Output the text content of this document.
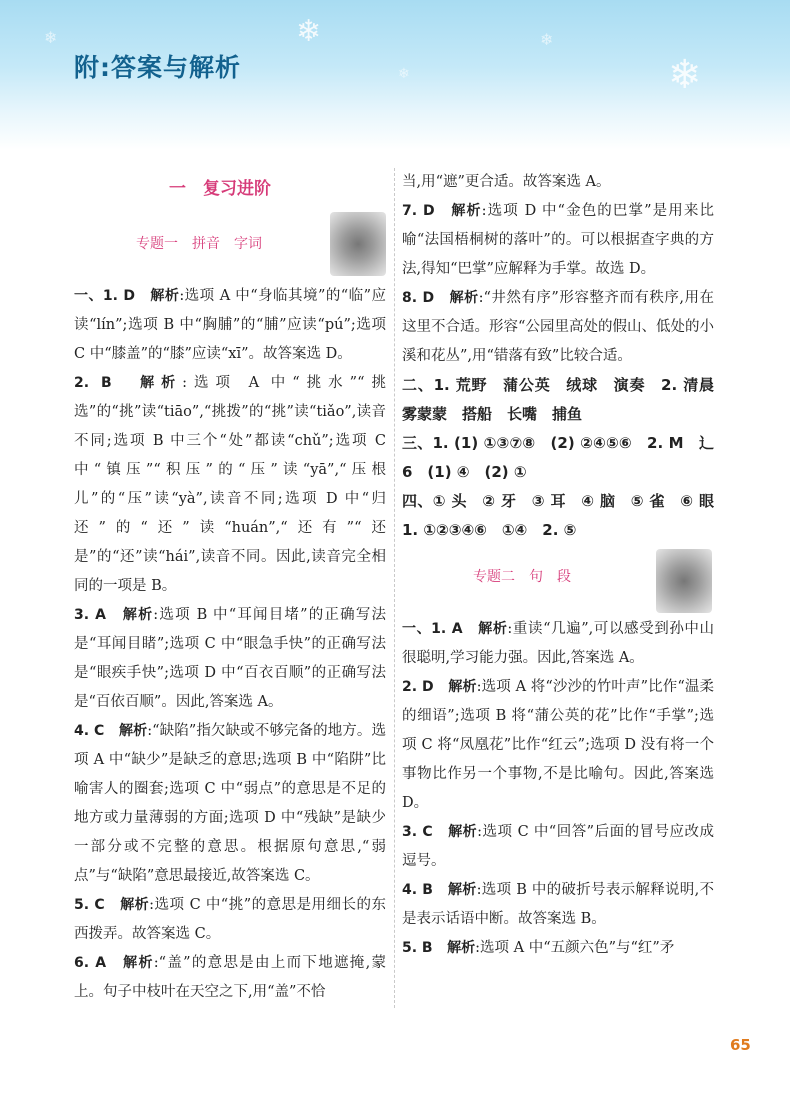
❄
❄
❄	❄
❄
附:答案与解析
一　复习进阶
专题一　拼音　字词
一、1. D　 解析:选项 A 中“身临其境”的“临”应读“lín”;选项 B 中“胸脯”的“脯”应读“pú”;选项 C 中“膝盖”的“膝”应读“xī”。故答案选 D。
2. B　 解析:选项 A 中“挑水”“挑选”的“挑”读“tiāo”,“挑拨”的“挑”读“tiǎo”,读音不同;选项 B 中三个“处”都读“chǔ”;选项 C 中“镇压”“积压”的“压”读“yā”,“压根儿”的“压”读“yà”,读音不同;选项 D 中“归还”的“还”读“huán”,“还有”“还是”的“还”读“hái”,读音不同。因此,读音完全相同的一项是 B。
3. A　 解析:选项 B 中“耳闻目堵”的正确写法是“耳闻目睹”;选项 C 中“眼急手快”的正确写法是“眼疾手快”;选项 D 中“百衣百顺”的正确写法是“百依百顺”。因此,答案选 A。
4. C　 解析:“缺陷”指欠缺或不够完备的地方。选项 A 中“缺少”是缺乏的意思;选项 B 中“陷阱”比喻害人的圈套;选项 C 中“弱点”的意思是不足的地方或力量薄弱的方面;选项 D 中“残缺”是缺少一部分或不完整的意思。根据原句意思,“弱点”与“缺陷”意思最接近,故答案选 C。
5. C　 解析:选项 C 中“挑”的意思是用细长的东西拨弄。故答案选 C。
6. A　 解析:“盖”的意思是由上而下地遮掩,蒙上。句子中枝叶在天空之下,用“盖”不恰
当,用“遮”更合适。故答案选 A。
7. D　 解析:选项 D 中“金色的巴掌”是用来比喻“法国梧桐树的落叶”的。可以根据查字典的方法,得知“巴掌”应解释为手掌。故选 D。
8. D　 解析:“井然有序”形容整齐而有秩序,用在这里不合适。形容“公园里高处的假山、低处的小溪和花丛”,用“错落有致”比较合适。
二、1. 荒野　蒲公英　绒球　演奏　2. 清晨　雾蒙蒙　搭船　长嘴　捕鱼
三、1. (1) ①③⑦⑧　(2) ②④⑤⑥　2. M　辶　6　(1) ④　(2) ①
四、① 头　② 牙　③ 耳　④ 脑　⑤ 雀　⑥ 眼　1. ①②③④⑥　①④　2. ⑤
专题二　句　段
一、1. A　 解析:重读“几遍”,可以感受到孙中山很聪明,学习能力强。因此,答案选 A。
2. D　 解析:选项 A 将“沙沙的竹叶声”比作“温柔的细语”;选项 B 将“蒲公英的花”比作“手掌”;选项 C 将“凤凰花”比作“红云”;选项 D 没有将一个事物比作另一个事物,不是比喻句。因此,答案选 D。
3. C　 解析:选项 C 中“回答”后面的冒号应改成逗号。
4. B　 解析:选项 B 中的破折号表示解释说明,不是表示话语中断。故答案选 B。
5. B　 解析:选项 A 中“五颜六色”与“红”矛
65
